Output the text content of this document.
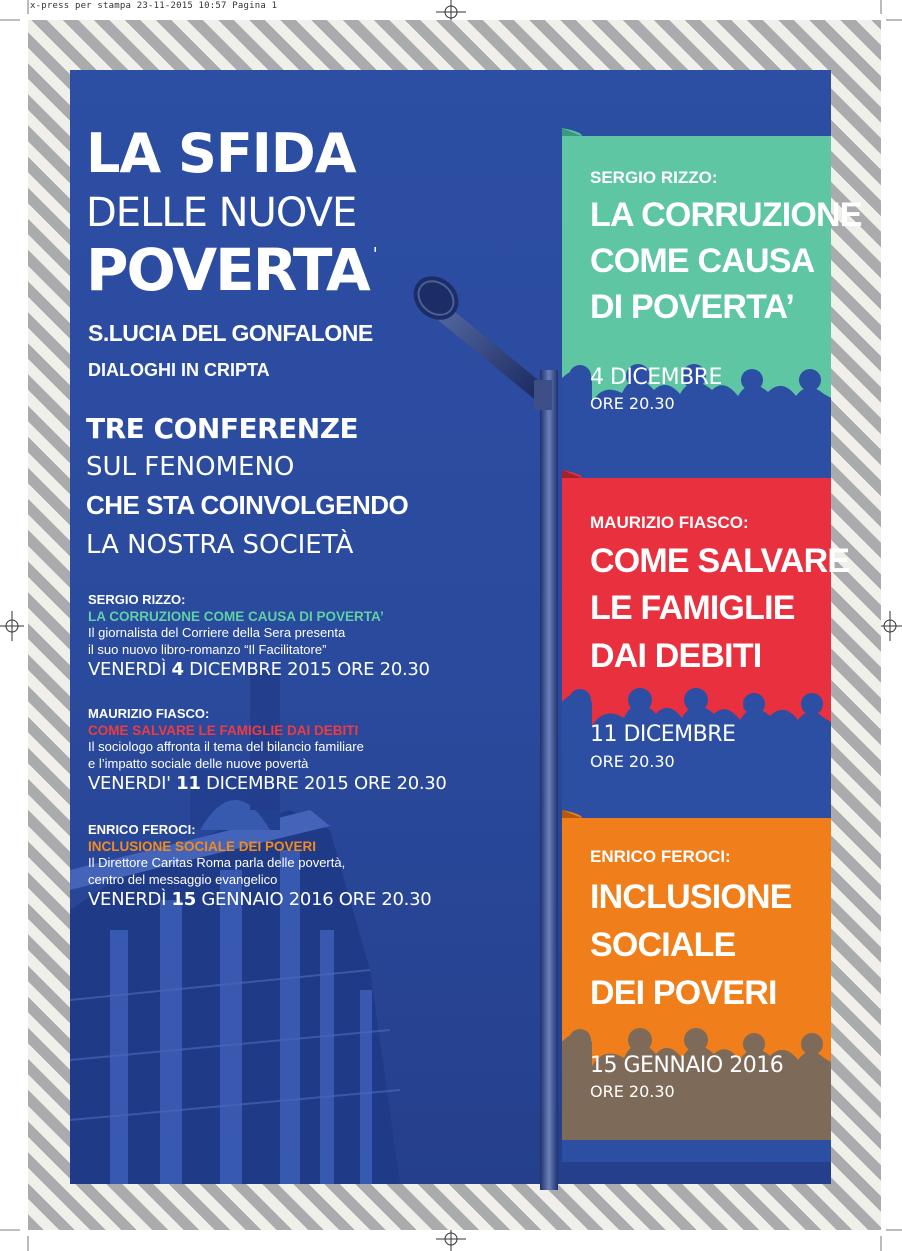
x-press per stampa 23-11-2015 10:57 Pagina 1
LA SFIDA
DELLE NUOVE
POVERTA '
S.LUCIA DEL GONFALONE
DIALOGHI IN CRIPTA
TRE CONFERENZE
SUL FENOMENO
CHE STA COINVOLGENDO
LA NOSTRA SOCIETÀ
SERGIO RIZZO:
LA CORRUZIONE COME CAUSA DI POVERTA’
Il giornalista del Corriere della Sera presenta
il suo nuovo libro-romanzo “Il Facilitatore”
VENERDÌ 4 DICEMBRE 2015 ORE 20.30
MAURIZIO FIASCO:
COME SALVARE LE FAMIGLIE DAI DEBITI
Il sociologo affronta il tema del bilancio familiare
e l’impatto sociale delle nuove povertà
VENERDI' 11 DICEMBRE 2015 ORE 20.30
ENRICO FEROCI:
INCLUSIONE SOCIALE DEI POVERI
Il Direttore Caritas Roma parla delle povertà,
centro del messaggio evangelico
VENERDÌ 15 GENNAIO 2016 ORE 20.30
SERGIO RIZZO:
LA CORRUZIONE
COME CAUSA
DI POVERTA’
4 DICEMBRE
ORE 20.30
MAURIZIO FIASCO:
COME SALVARE
LE FAMIGLIE
DAI DEBITI
11 DICEMBRE
ORE 20.30
ENRICO FEROCI:
INCLUSIONE
SOCIALE
DEI POVERI
15 GENNAIO 2016
ORE 20.30
